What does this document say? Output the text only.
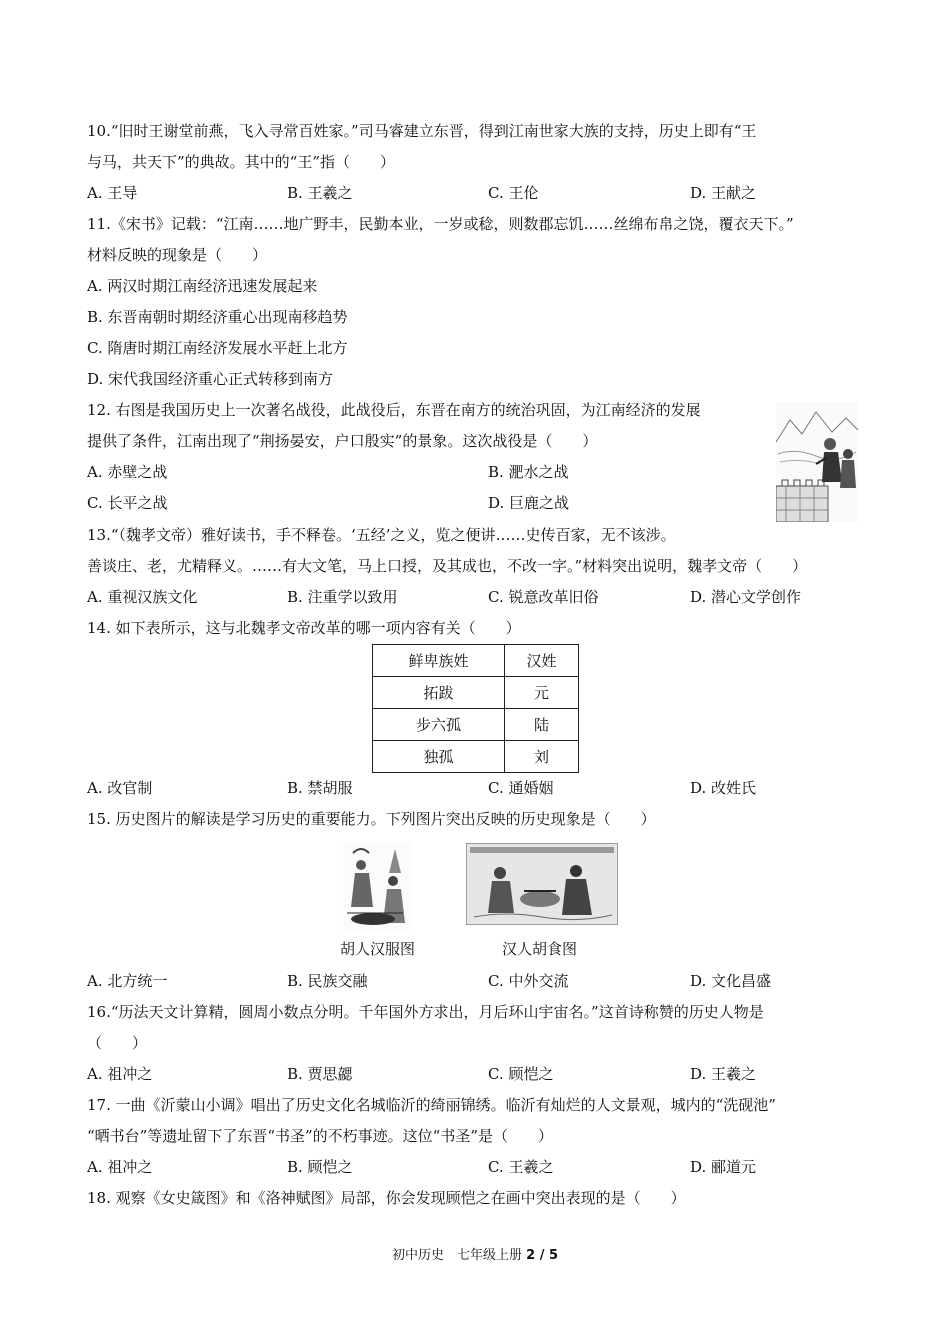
10.“旧时王谢堂前燕，飞入寻常百姓家。”司马睿建立东晋，得到江南世家大族的支持，历史上即有“王
与马，共天下”的典故。其中的“王”指（　　）
A. 王导	B. 王羲之	C. 王伦	D. 王献之
11.《宋书》记载：“江南……地广野丰，民勤本业，一岁或稔，则数郡忘饥……丝绵布帛之饶，覆衣天下。”
材料反映的现象是（　　）
A. 两汉时期江南经济迅速发展起来
B. 东晋南朝时期经济重心出现南移趋势
C. 隋唐时期江南经济发展水平赶上北方
D. 宋代我国经济重心正式转移到南方
12. 右图是我国历史上一次著名战役，此战役后，东晋在南方的统治巩固，为江南经济的发展
提供了条件，江南出现了“荆扬晏安，户口殷实”的景象。这次战役是（　　）
A. 赤壁之战	B. 淝水之战
C. 长平之战	D. 巨鹿之战
13.“（魏孝文帝）雅好读书，手不释卷。‘五经’之义，览之便讲……史传百家，无不该涉。
善谈庄、老，尤精释义。……有大文笔，马上口授，及其成也，不改一字。”材料突出说明，魏孝文帝（　　）
A. 重视汉族文化	B. 注重学以致用	C. 锐意改革旧俗	D. 潜心文学创作
14. 如下表所示，这与北魏孝文帝改革的哪一项内容有关（　　）
鲜卑族姓	汉姓
拓跋	元
步六孤	陆
独孤	刘
A. 改官制	B. 禁胡服	C. 通婚姻	D. 改姓氏
15. 历史图片的解读是学习历史的重要能力。下列图片突出反映的历史现象是（　　）
胡人汉服图	汉人胡食图
A. 北方统一	B. 民族交融	C. 中外交流	D. 文化昌盛
16.“历法天文计算精，圆周小数点分明。千年国外方求出，月后环山宇宙名。”这首诗称赞的历史人物是
（　　）
A. 祖冲之	B. 贾思勰	C. 顾恺之	D. 王羲之
17. 一曲《沂蒙山小调》唱出了历史文化名城临沂的绮丽锦绣。临沂有灿烂的人文景观，城内的“洗砚池”
“晒书台”等遗址留下了东晋“书圣”的不朽事迹。这位“书圣”是（　　）
A. 祖冲之	B. 顾恺之	C. 王羲之	D. 郦道元
18. 观察《女史箴图》和《洛神赋图》局部，你会发现顾恺之在画中突出表现的是（　　）
初中历史　七年级上册 2 / 5
